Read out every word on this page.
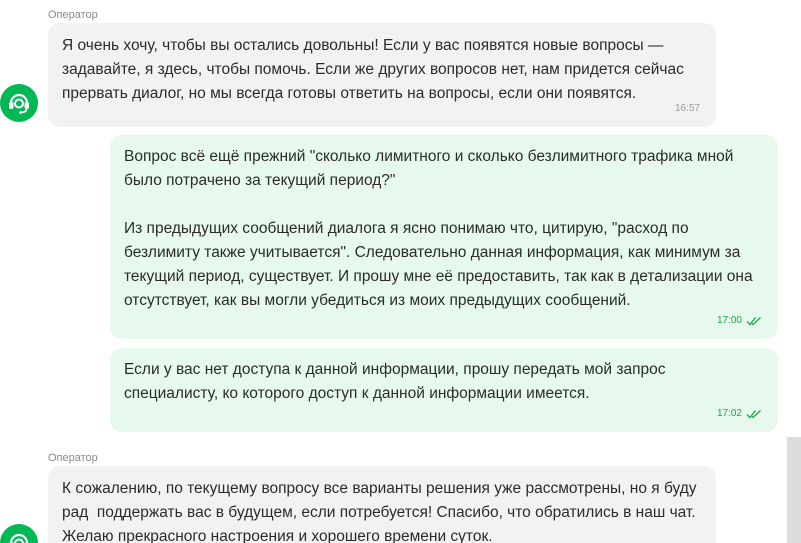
Оператор

Я очень хочу, чтобы вы остались довольны! Если у вас появятся новые вопросы —
задавайте, я здесь, чтобы помочь. Если же других вопросов нет, нам придется сейчас
прервать диалог, но мы всегда готовы ответить на вопросы, если они появятся.

16:57

Вопрос всё ещё прежний "сколько лимитного и сколько безлимитного трафика мной
было потрачено за текущий период?"

Из предыдущих сообщений диалога я ясно понимаю что, цитирую, "расход по
безлимиту также учитывается". Следовательно данная информация, как минимум за
текущий период, существует. И прошу мне её предоставить, так как в детализации она
отсутствует, как вы могли убедиться из моих предыдущих сообщений.

17:00

Если у вас нет доступа к данной информации, прошу передать мой запрос
специалисту, ко которого доступ к данной информации имеется.

17:02
Оператор

К сожалению, по текущему вопросу все варианты решения уже рассмотрены, но я буду
рад  поддержать вас в будущем, если потребуется! Спасибо, что обратились в наш чат.
Желаю прекрасного настроения и хорошего времени суток.
